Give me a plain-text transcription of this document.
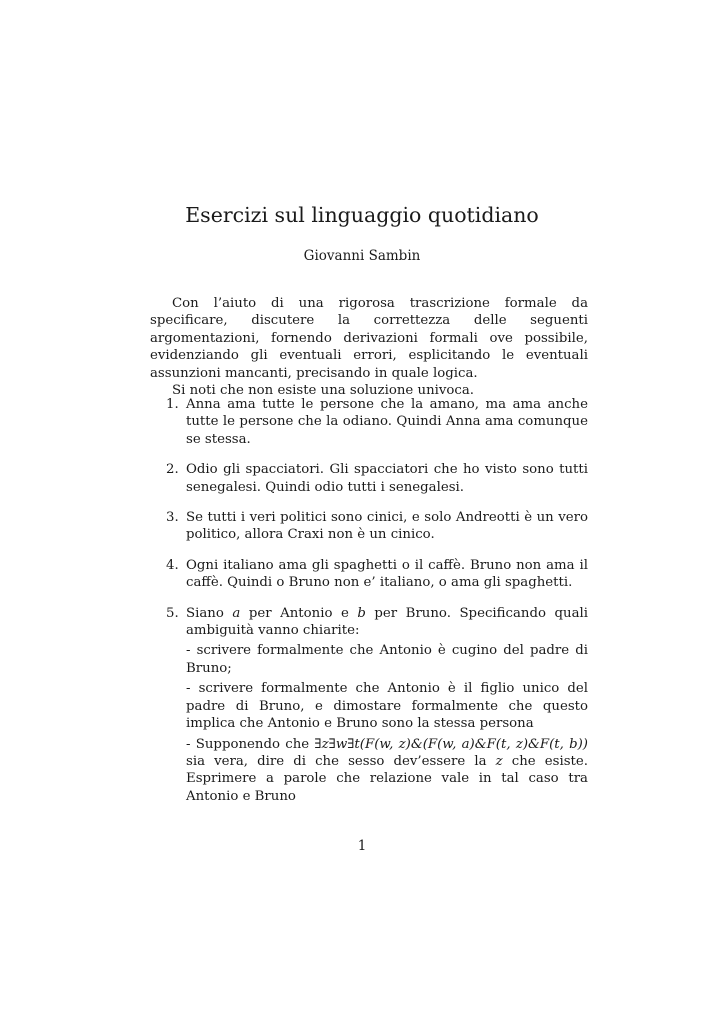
Esercizi sul linguaggio quotidiano
Giovanni Sambin

Con l’aiuto di una rigorosa trascrizione formale da specificare, discutere la correttezza delle seguenti argomentazioni, fornendo derivazioni formali ove possibile, evidenziando gli eventuali errori, esplicitando le eventuali assunzioni mancanti, precisando in quale logica.

Si noti che non esiste una soluzione univoca.

1. Anna ama tutte le persone che la amano, ma ama anche tutte le persone che la odiano. Quindi Anna ama comunque se stessa.
2. Odio gli spacciatori. Gli spacciatori che ho visto sono tutti senegalesi. Quindi odio tutti i senegalesi.
3. Se tutti i veri politici sono cinici, e solo Andreotti è un vero politico, allora Craxi non è un cinico.
4. Ogni italiano ama gli spaghetti o il caffè. Bruno non ama il caffè. Quindi o Bruno non e’ italiano, o ama gli spaghetti.
5. Siano a per Antonio e b per Bruno. Specificando quali ambiguità vanno chiarite:
- scrivere formalmente che Antonio è cugino del padre di Bruno;
- scrivere formalmente che Antonio è il figlio unico del padre di Bruno, e dimostare formalmente che questo implica che Antonio e Bruno sono la stessa persona
- Supponendo che ∃z∃w∃t(F(w, z)&(F(w, a)&F(t, z)&F(t, b)) sia vera, dire di che sesso dev’essere la z che esiste. Esprimere a parole che relazione vale in tal caso tra Antonio e Bruno
1
